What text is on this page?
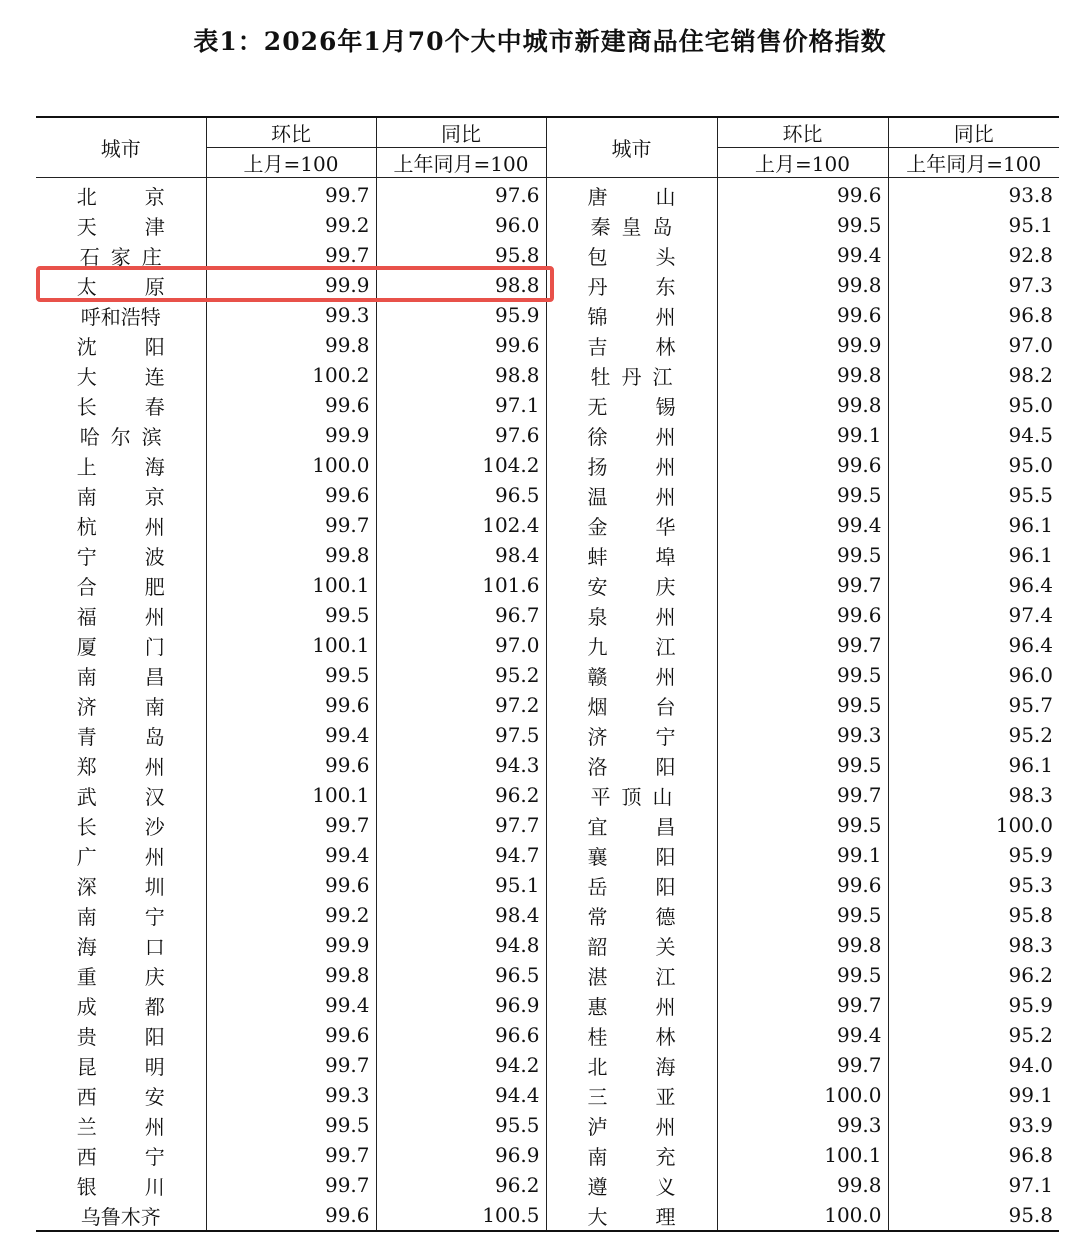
表1：2026年1月70个大中城市新建商品住宅销售价格指数
城市	环比	同比	城市	环比	同比
	上月=100	上年同月=100		上月=100	上年同月=100
北京	99.7	97.6	唐山	99.6	93.8
天津	99.2	96.0	秦皇岛	99.5	95.1
石家庄	99.7	95.8	包头	99.4	92.8
太原	99.9	98.8	丹东	99.8	97.3
呼和浩特	99.3	95.9	锦州	99.6	96.8
沈阳	99.8	99.6	吉林	99.9	97.0
大连	100.2	98.8	牡丹江	99.8	98.2
长春	99.6	97.1	无锡	99.8	95.0
哈尔滨	99.9	97.6	徐州	99.1	94.5
上海	100.0	104.2	扬州	99.6	95.0
南京	99.6	96.5	温州	99.5	95.5
杭州	99.7	102.4	金华	99.4	96.1
宁波	99.8	98.4	蚌埠	99.5	96.1
合肥	100.1	101.6	安庆	99.7	96.4
福州	99.5	96.7	泉州	99.6	97.4
厦门	100.1	97.0	九江	99.7	96.4
南昌	99.5	95.2	赣州	99.5	96.0
济南	99.6	97.2	烟台	99.5	95.7
青岛	99.4	97.5	济宁	99.3	95.2
郑州	99.6	94.3	洛阳	99.5	96.1
武汉	100.1	96.2	平顶山	99.7	98.3
长沙	99.7	97.7	宜昌	99.5	100.0
广州	99.4	94.7	襄阳	99.1	95.9
深圳	99.6	95.1	岳阳	99.6	95.3
南宁	99.2	98.4	常德	99.5	95.8
海口	99.9	94.8	韶关	99.8	98.3
重庆	99.8	96.5	湛江	99.5	96.2
成都	99.4	96.9	惠州	99.7	95.9
贵阳	99.6	96.6	桂林	99.4	95.2
昆明	99.7	94.2	北海	99.7	94.0
西安	99.3	94.4	三亚	100.0	99.1
兰州	99.5	95.5	泸州	99.3	93.9
西宁	99.7	96.9	南充	100.1	96.8
银川	99.7	96.2	遵义	99.8	97.1
乌鲁木齐	99.6	100.5	大理	100.0	95.8
